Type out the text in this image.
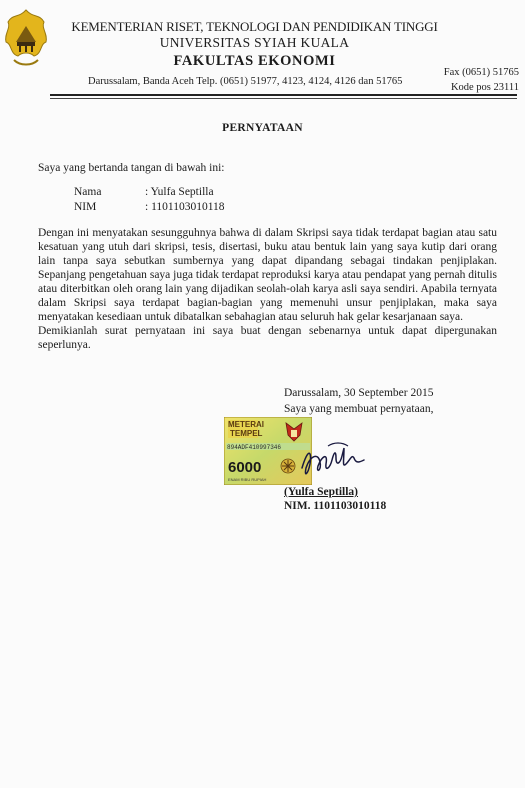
KEMENTERIAN RISET, TEKNOLOGI DAN PENDIDIKAN TINGGI
UNIVERSITAS SYIAH KUALA
FAKULTAS EKONOMI
Darussalam, Banda Aceh Telp. (0651) 51977, 4123, 4124, 4126 dan 51765
Fax (0651) 51765
Kode pos 23111
PERNYATAAN
Saya yang bertanda tangan di bawah ini:
Nama	: Yulfa Septilla
NIM	: 1101103010118

Dengan ini menyatakan sesungguhnya bahwa di dalam Skripsi saya tidak terdapat bagian atau satu kesatuan yang utuh dari skripsi, tesis, disertasi, buku atau bentuk lain yang saya kutip dari orang lain tanpa saya sebutkan sumbernya yang dapat dipandang sebagai tindakan penjiplakan. Sepanjang pengetahuan saya juga tidak terdapat reproduksi karya atau pendapat yang pernah ditulis atau diterbitkan oleh orang lain yang dijadikan seolah-olah karya asli saya sendiri. Apabila ternyata dalam Skripsi saya terdapat bagian-bagian yang memenuhi unsur penjiplakan, maka saya menyatakan kesediaan untuk dibatalkan sebahagian atau seluruh hak gelar kesarjanaan saya.

Demikianlah surat pernyataan ini saya buat dengan sebenarnya untuk dapat dipergunakan seperlunya.

Darussalam, 30 September 2015
Saya yang membuat pernyataan,
METERAI
TEMPEL
894ADF410997346
6000
ENAM RIBU RUPIAH
(Yulfa Septilla)
NIM. 1101103010118
